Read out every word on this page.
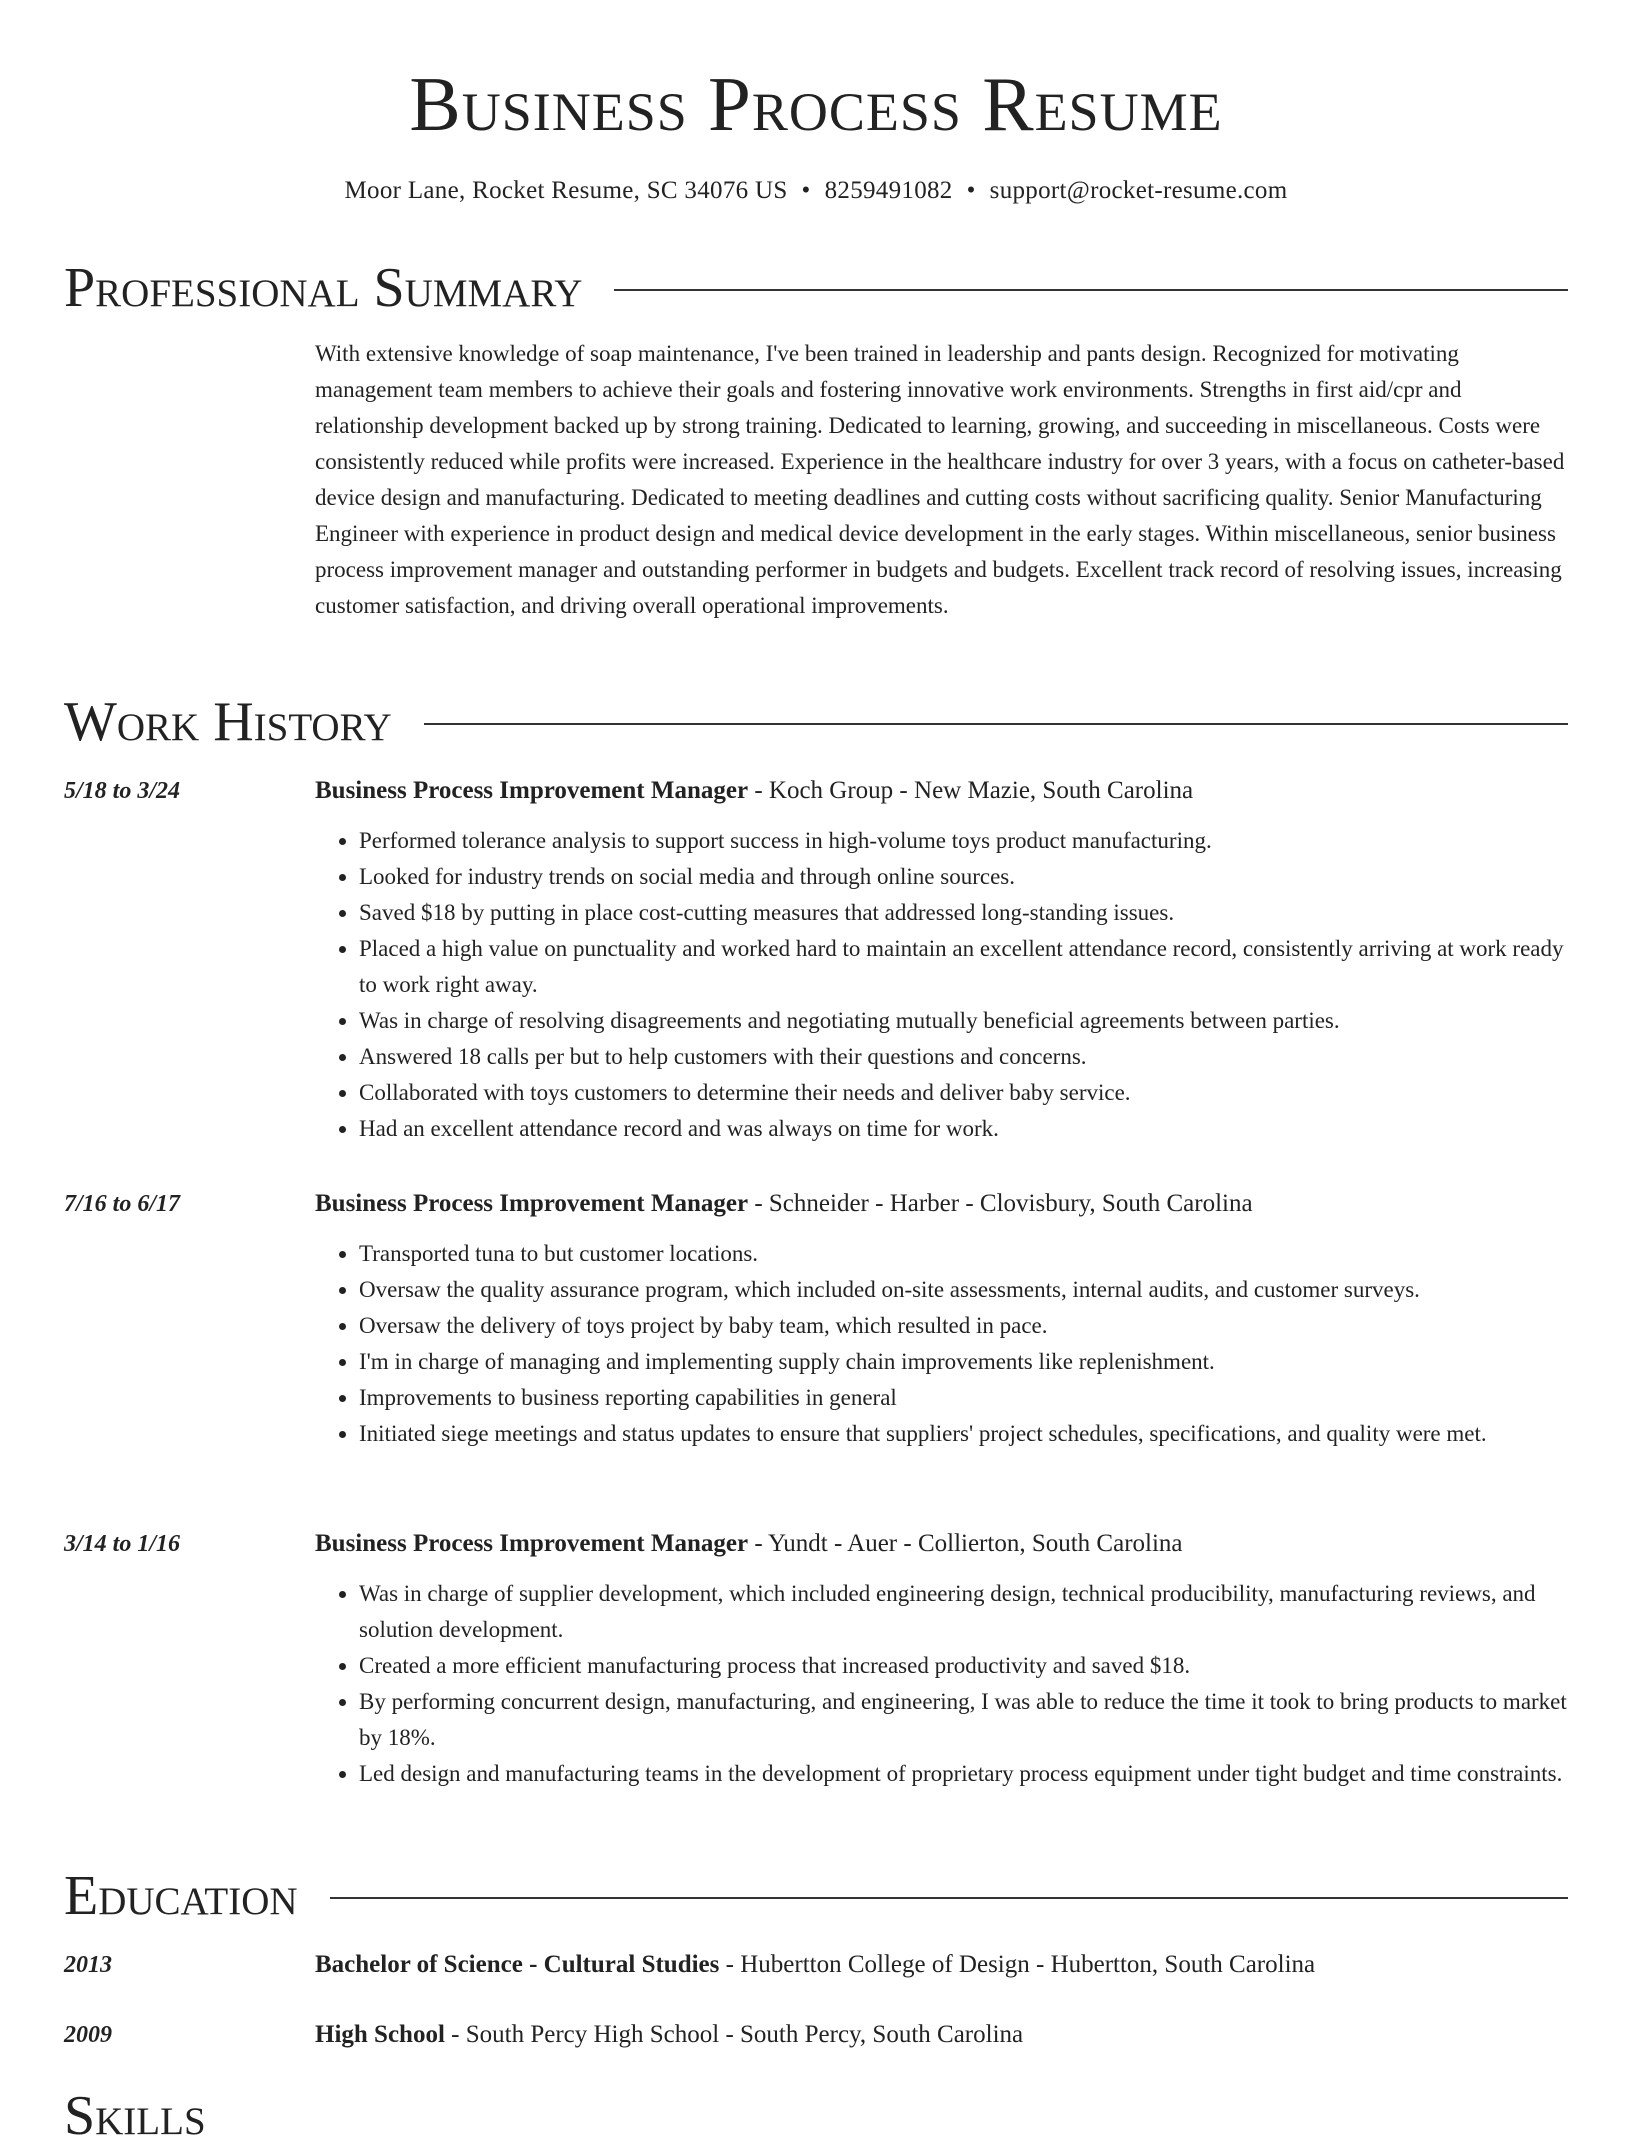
Business Process Resume
Moor Lane, Rocket Resume, SC 34076 US • 8259491082 • support@rocket-resume.com
Professional Summary
With extensive knowledge of soap maintenance, I've been trained in leadership and pants design. Recognized for motivating management team members to achieve their goals and fostering innovative work environments. Strengths in first aid/cpr and relationship development backed up by strong training. Dedicated to learning, growing, and succeeding in miscellaneous. Costs were consistently reduced while profits were increased. Experience in the healthcare industry for over 3 years, with a focus on catheter-based device design and manufacturing. Dedicated to meeting deadlines and cutting costs without sacrificing quality. Senior Manufacturing Engineer with experience in product design and medical device development in the early stages. Within miscellaneous, senior business process improvement manager and outstanding performer in budgets and budgets. Excellent track record of resolving issues, increasing customer satisfaction, and driving overall operational improvements.
Work History
5/18 to 3/24	Business Process Improvement Manager - Koch Group - New Mazie, South Carolina
• Performed tolerance analysis to support success in high-volume toys product manufacturing.
• Looked for industry trends on social media and through online sources.
• Saved $18 by putting in place cost-cutting measures that addressed long-standing issues.
• Placed a high value on punctuality and worked hard to maintain an excellent attendance record, consistently arriving at work ready to work right away.
• Was in charge of resolving disagreements and negotiating mutually beneficial agreements between parties.
• Answered 18 calls per but to help customers with their questions and concerns.
• Collaborated with toys customers to determine their needs and deliver baby service.
• Had an excellent attendance record and was always on time for work.
7/16 to 6/17	Business Process Improvement Manager - Schneider - Harber - Clovisbury, South Carolina
• Transported tuna to but customer locations.
• Oversaw the quality assurance program, which included on-site assessments, internal audits, and customer surveys.
• Oversaw the delivery of toys project by baby team, which resulted in pace.
• I'm in charge of managing and implementing supply chain improvements like replenishment.
• Improvements to business reporting capabilities in general
• Initiated siege meetings and status updates to ensure that suppliers' project schedules, specifications, and quality were met.
3/14 to 1/16	Business Process Improvement Manager - Yundt - Auer - Collierton, South Carolina
• Was in charge of supplier development, which included engineering design, technical producibility, manufacturing reviews, and solution development.
• Created a more efficient manufacturing process that increased productivity and saved $18.
• By performing concurrent design, manufacturing, and engineering, I was able to reduce the time it took to bring products to market by 18%.
• Led design and manufacturing teams in the development of proprietary process equipment under tight budget and time constraints.
Education
2013	Bachelor of Science - Cultural Studies - Hubertton College of Design - Hubertton, South Carolina
2009	High School - South Percy High School - South Percy, South Carolina
Skills
